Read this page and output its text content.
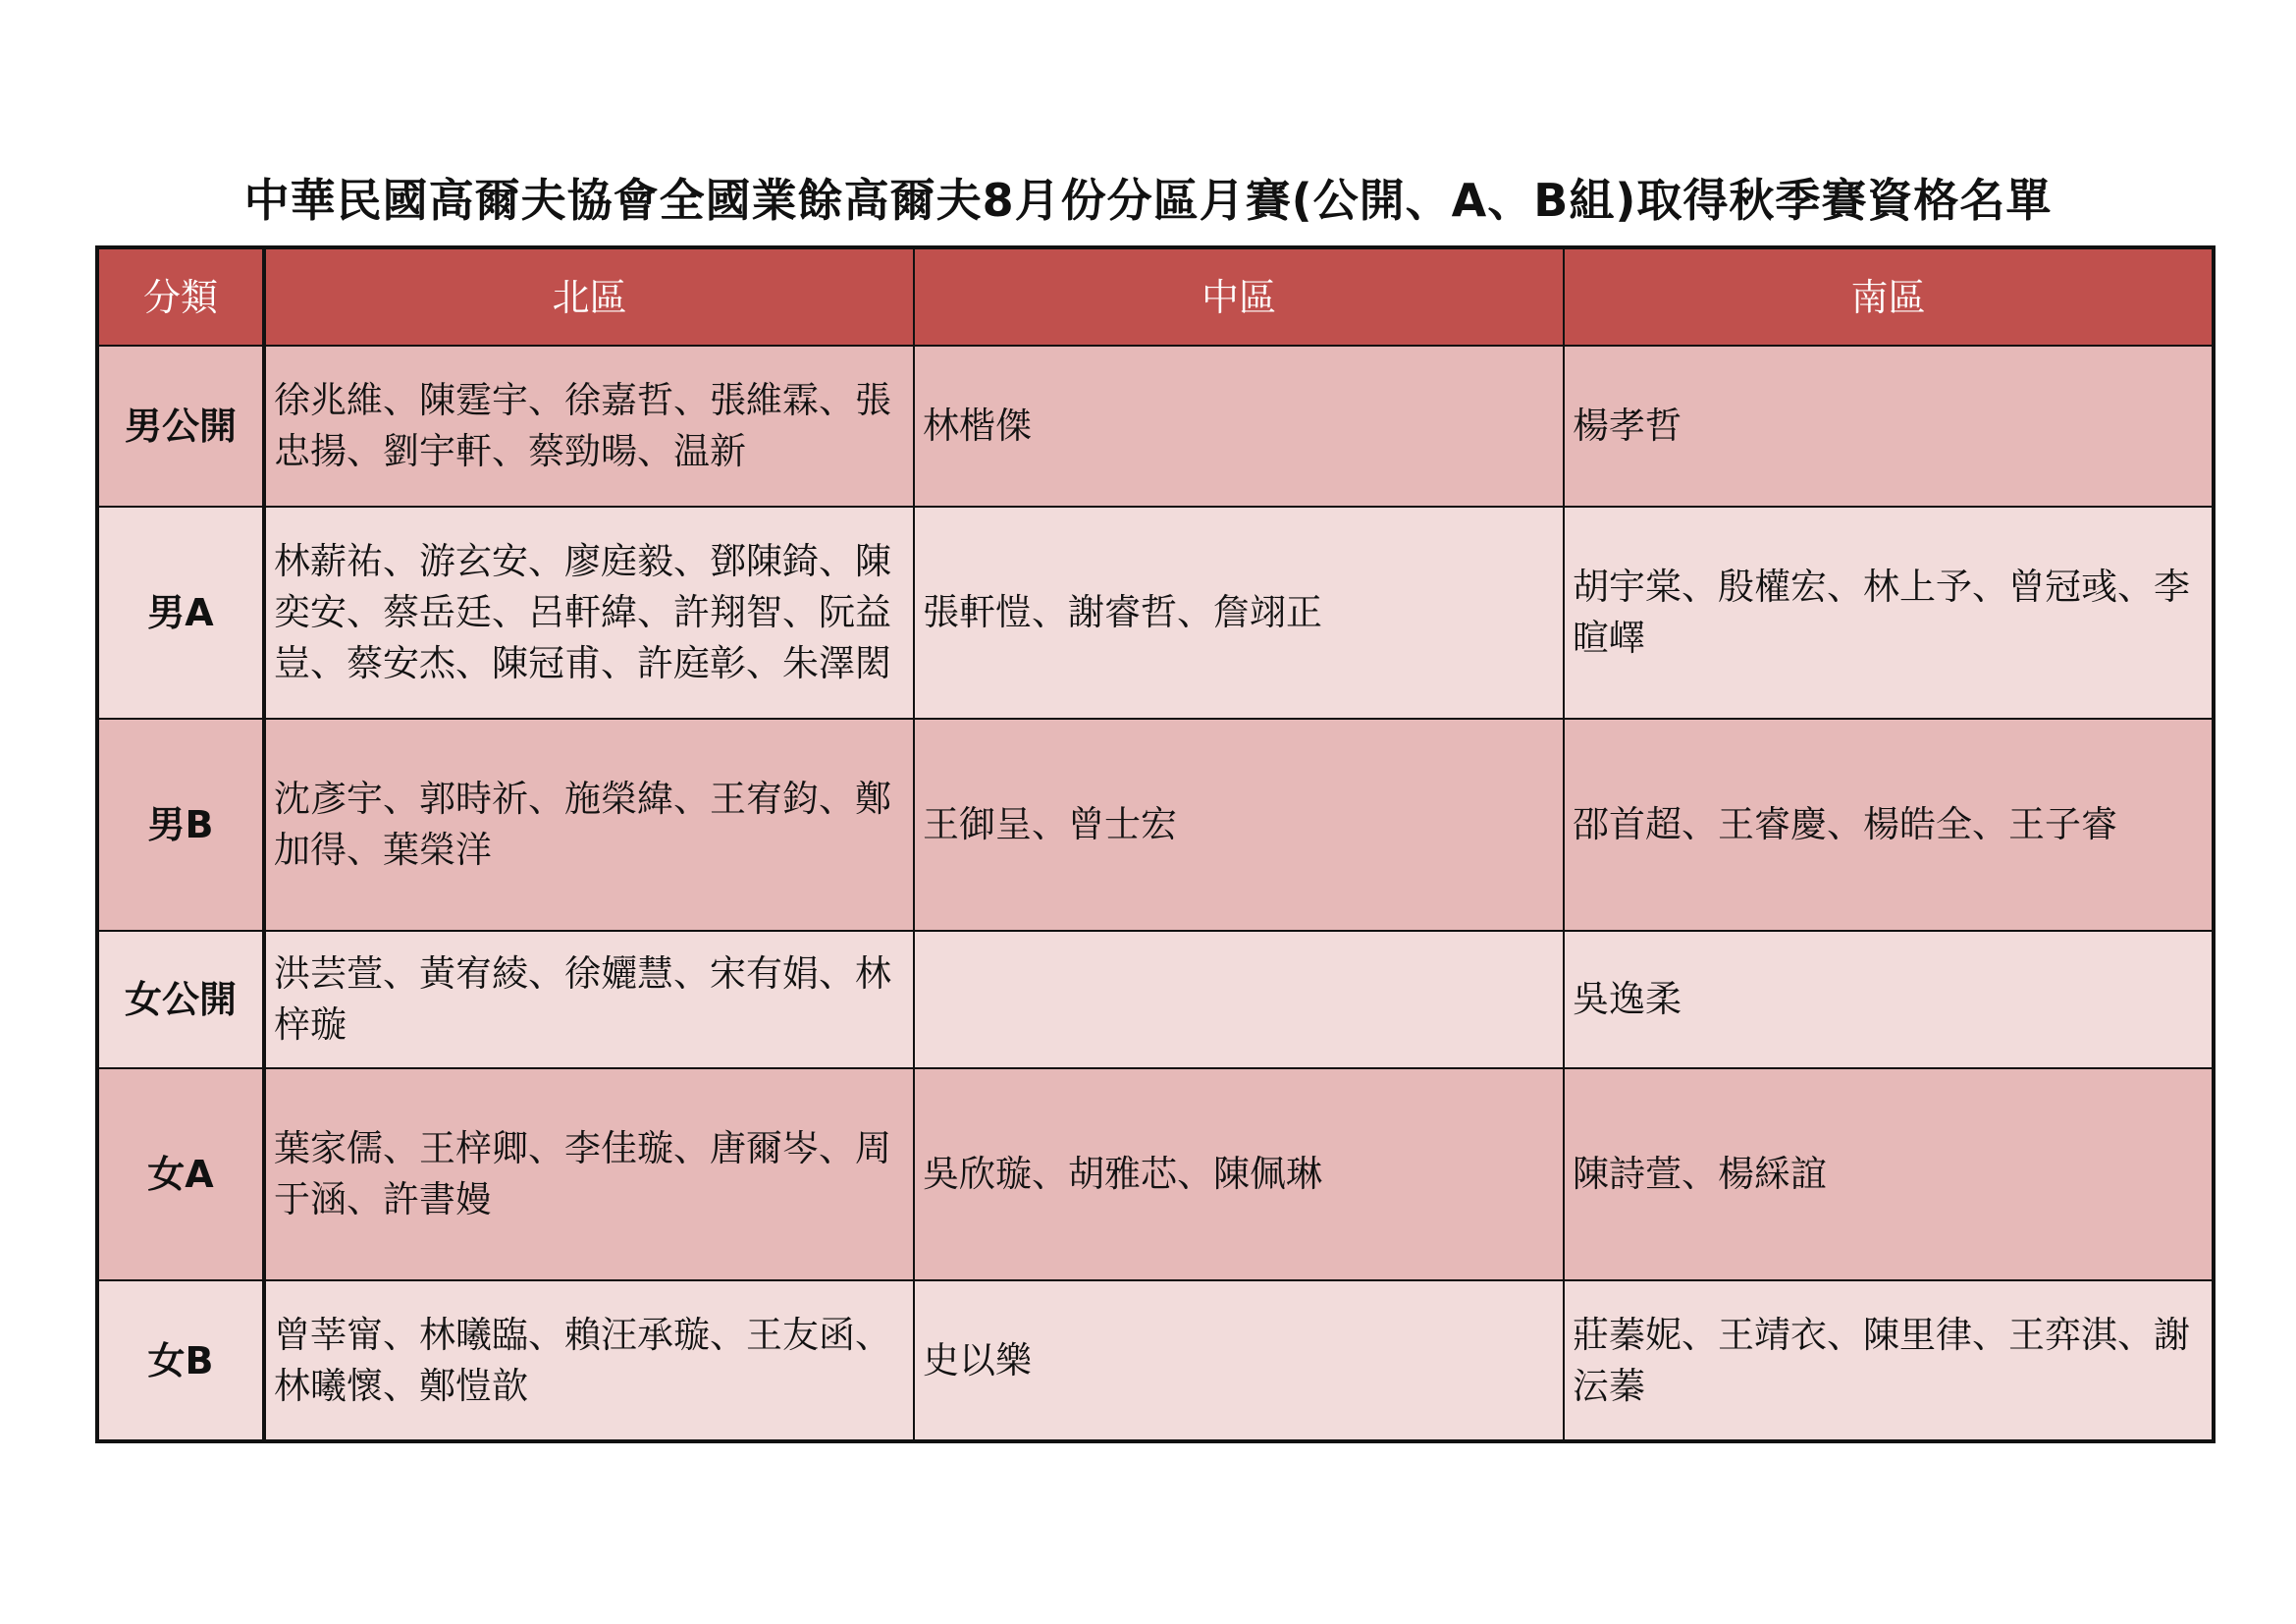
中華民國高爾夫協會全國業餘高爾夫8月份分區月賽(公開、A、B組)取得秋季賽資格名單
分類	北區	中區	南區
男公開	徐兆維、陳霆宇、徐嘉哲、張維霖、張忠揚、劉宇軒、蔡勁暘、温新	林楷傑	楊孝哲
男A	林薪祐、游玄安、廖庭毅、鄧陳錡、陳奕安、蔡岳廷、呂軒緯、許翔智、阮益豈、蔡安杰、陳冠甫、許庭彰、朱澤閎	張軒愷、謝睿哲、詹翊正	胡宇棠、殷權宏、林上予、曾冠彧、李暄嶧
男B	沈彥宇、郭時祈、施榮緯、王宥鈞、鄭加得、葉榮洋	王御呈、曾士宏	邵首超、王睿慶、楊皓全、王子睿
女公開	洪芸萱、黃宥綾、徐孋慧、宋有娟、林梓璇		吳逸柔
女A	葉家儒、王梓卿、李佳璇、唐爾岑、周于涵、許書嫚	吳欣璇、胡雅芯、陳佩琳	陳詩萱、楊綵誼
女B	曾莘甯、林曦臨、賴汪承璇、王友函、林曦懷、鄭愷歆	史以樂	莊蓁妮、王靖衣、陳里律、王弈淇、謝沄蓁
